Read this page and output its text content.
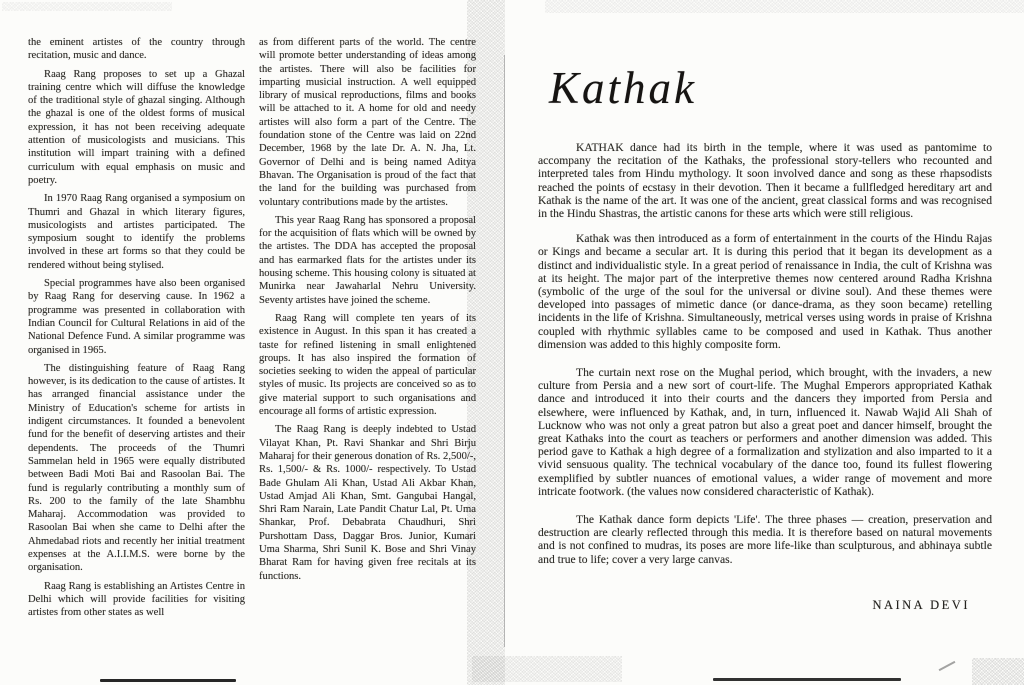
the eminent artistes of the country through recitation, music and dance.

Raag Rang proposes to set up a Ghazal training centre which will diffuse the knowledge of the traditional style of ghazal singing. Although the ghazal is one of the oldest forms of musical expression, it has not been receiving adequate attention of musicologists and musicians. This institution will impart training with a defined curriculum with equal emphasis on music and poetry.

In 1970 Raag Rang organised a symposium on Thumri and Ghazal in which literary figures, musicologists and artistes participated. The symposium sought to identify the problems involved in these art forms so that they could be rendered without being stylised.

Special programmes have also been organised by Raag Rang for deserving cause. In 1962 a programme was presented in collaboration with Indian Council for Cultural Relations in aid of the National Defence Fund. A similar programme was organised in 1965.

The distinguishing feature of Raag Rang however, is its dedication to the cause of artistes. It has arranged financial assistance under the Ministry of Education's scheme for artists in indigent circumstances. It founded a benevolent fund for the benefit of deserving artistes and their dependents. The proceeds of the Thumri Sammelan held in 1965 were equally distributed between Badi Moti Bai and Rasoolan Bai. The fund is regularly contributing a monthly sum of Rs. 200 to the family of the late Shambhu Maharaj. Accommodation was provided to Rasoolan Bai when she came to Delhi after the Ahmedabad riots and recently her initial treatment expenses at the A.I.I.M.S. were borne by the organisation.

Raag Rang is establishing an Artistes Centre in Delhi which will provide facilities for visiting artistes from other states as well

as from different parts of the world. The centre will promote better understanding of ideas among the artistes. There will also be facilities for imparting musicial instruction. A well equipped library of musical reproductions, films and books will be attached to it. A home for old and needy artistes will also form a part of the Centre. The foundation stone of the Centre was laid on 22nd December, 1968 by the late Dr. A. N. Jha, Lt. Governor of Delhi and is being named Aditya Bhavan. The Organisation is proud of the fact that the land for the building was purchased from voluntary contributions made by the artistes.

This year Raag Rang has sponsored a proposal for the acquisition of flats which will be owned by the artistes. The DDA has accepted the proposal and has earmarked flats for the artistes under its housing scheme. This housing colony is situated at Munirka near Jawaharlal Nehru University. Seventy artistes have joined the scheme.

Raag Rang will complete ten years of its existence in August. In this span it has created a taste for refined listening in small enlightened groups. It has also inspired the formation of societies seeking to widen the appeal of particular styles of music. Its projects are conceived so as to give material support to such organisations and encourage all forms of artistic expression.

The Raag Rang is deeply indebted to Ustad Vilayat Khan, Pt. Ravi Shankar and Shri Birju Maharaj for their generous donation of Rs. 2,500/-, Rs. 1,500/- & Rs. 1000/- respectively. To Ustad Bade Ghulam Ali Khan, Ustad Ali Akbar Khan, Ustad Amjad Ali Khan, Smt. Gangubai Hangal, Shri Ram Narain, Late Pandit Chatur Lal, Pt. Uma Shankar, Prof. Debabrata Chaudhuri, Shri Purshottam Dass, Daggar Bros. Junior, Kumari Uma Sharma, Shri Sunil K. Bose and Shri Vinay Bharat Ram for having given free recitals at its functions.

Kathak

KATHAK dance had its birth in the temple, where it was used as pantomime to accompany the recitation of the Kathaks, the professional story-tellers who recounted and interpreted tales from Hindu mythology. It soon involved dance and song as these rhapsodists reached the points of ecstasy in their devotion. Then it became a fullfledged hereditary art and Kathak is the name of the art. It was one of the ancient, great classical forms and was recognised in the Hindu Shastras, the artistic canons for these arts which were still religious.

Kathak was then introduced as a form of entertainment in the courts of the Hindu Rajas or Kings and became a secular art. It is during this period that it began its development as a distinct and individualistic style. In a great period of renaissance in India, the cult of Krishna was at its height. The major part of the interpretive themes now centered around Radha Krishna (symbolic of the urge of the soul for the universal or divine soul). And these themes were developed into passages of mimetic dance (or dance-drama, as they soon became) retelling incidents in the life of Krishna. Simultaneously, metrical verses using words in praise of Krishna coupled with rhythmic syllables came to be composed and used in Kathak. Thus another dimension was added to this highly composite form.

The curtain next rose on the Mughal period, which brought, with the invaders, a new culture from Persia and a new sort of court-life. The Mughal Emperors appropriated Kathak dance and introduced it into their courts and the dancers they imported from Persia and elsewhere, were influenced by Kathak, and, in turn, influenced it. Nawab Wajid Ali Shah of Lucknow who was not only a great patron but also a great poet and dancer himself, brought the great Kathaks into the court as teachers or performers and another dimension was added. This period gave to Kathak a high degree of a formalization and stylization and also imparted to it a vivid sensuous quality. The technical vocabulary of the dance too, found its fullest flowering exemplified by subtler nuances of emotional values, a wider range of movement and more intricate footwork. (the values now considered characteristic of Kathak).

The Kathak dance form depicts 'Life'. The three phases — creation, preservation and destruction are clearly reflected through this media. It is therefore based on natural movements and is not confined to mudras, its poses are more life-like than sculpturous, and abhinaya subtle and true to life; cover a very large canvas.

NAINA DEVI
